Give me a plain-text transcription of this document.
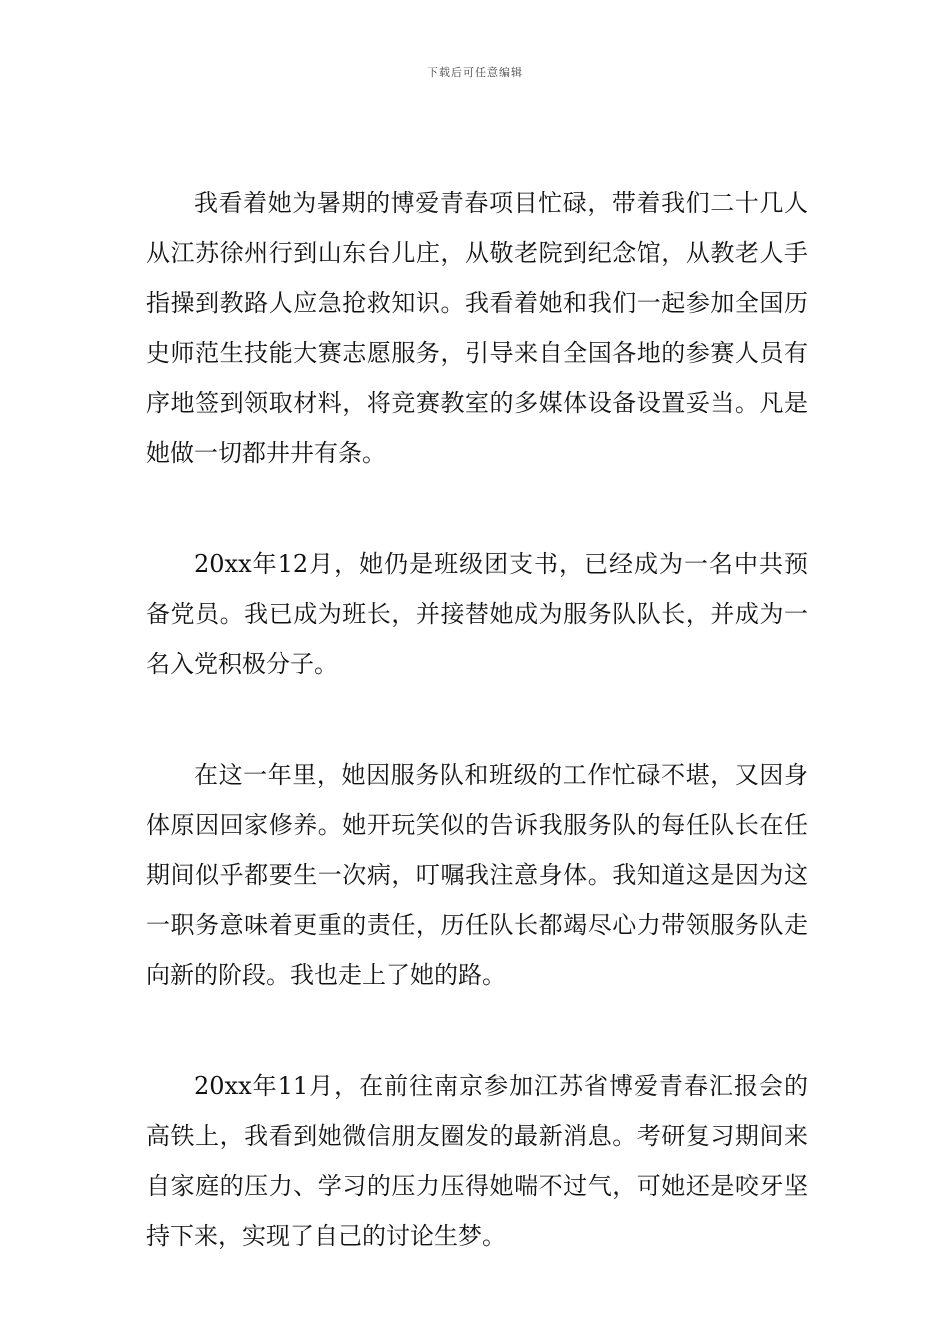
下载后可任意编辑

我看着她为暑期的博爱青春项目忙碌，带着我们二十几人从江苏徐州行到山东台儿庄，从敬老院到纪念馆，从教老人手指操到教路人应急抢救知识。我看着她和我们一起参加全国历史师范生技能大赛志愿服务，引导来自全国各地的参赛人员有序地签到领取材料，将竞赛教室的多媒体设备设置妥当。凡是她做一切都井井有条。

20xx年12月，她仍是班级团支书，已经成为一名中共预备党员。我已成为班长，并接替她成为服务队队长，并成为一名入党积极分子。

在这一年里，她因服务队和班级的工作忙碌不堪，又因身体原因回家修养。她开玩笑似的告诉我服务队的每任队长在任期间似乎都要生一次病，叮嘱我注意身体。我知道这是因为这一职务意味着更重的责任，历任队长都竭尽心力带领服务队走向新的阶段。我也走上了她的路。

20xx年11月，在前往南京参加江苏省博爱青春汇报会的高铁上，我看到她微信朋友圈发的最新消息。考研复习期间来自家庭的压力、学习的压力压得她喘不过气，可她还是咬牙坚持下来，实现了自己的讨论生梦。
